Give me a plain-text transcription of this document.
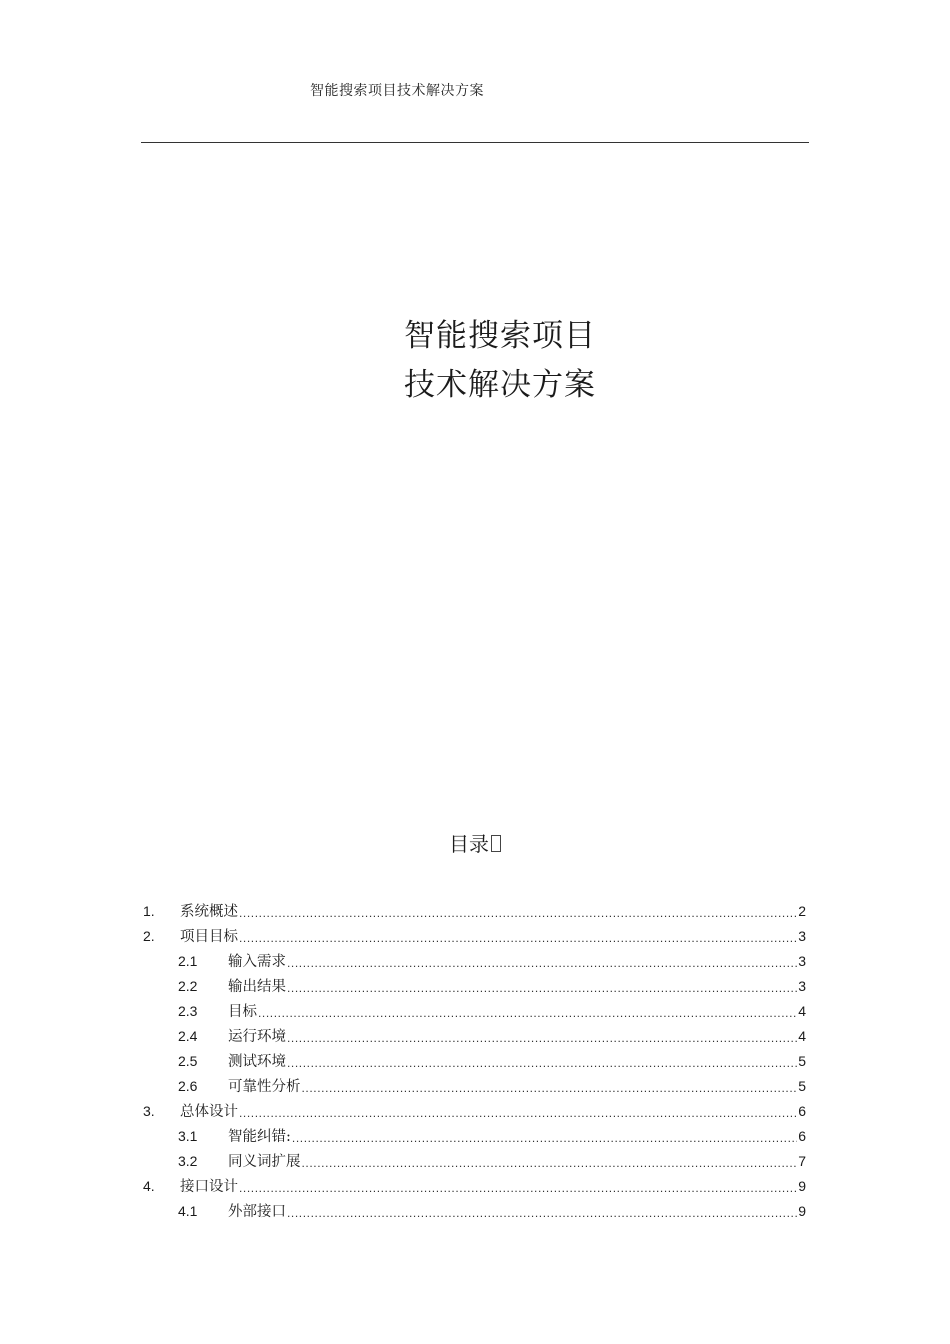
智能搜索项目技术解决方案
智能搜索项目
技术解决方案
目录
1.	系统概述 .....	2
2.	项目目标 .....	3
2.1	输入需求 .....	3
2.2	输出结果 .....	3
2.3	目标 .....	4
2.4	运行环境 .....	4
2.5	测试环境 .....	5
2.6	可靠性分析 .....	5
3.	总体设计 .....	6
3.1	智能纠错: .....	6
3.2	同义词扩展 .....	7
4.	接口设计 .....	9
4.1	外部接口 .....	9
